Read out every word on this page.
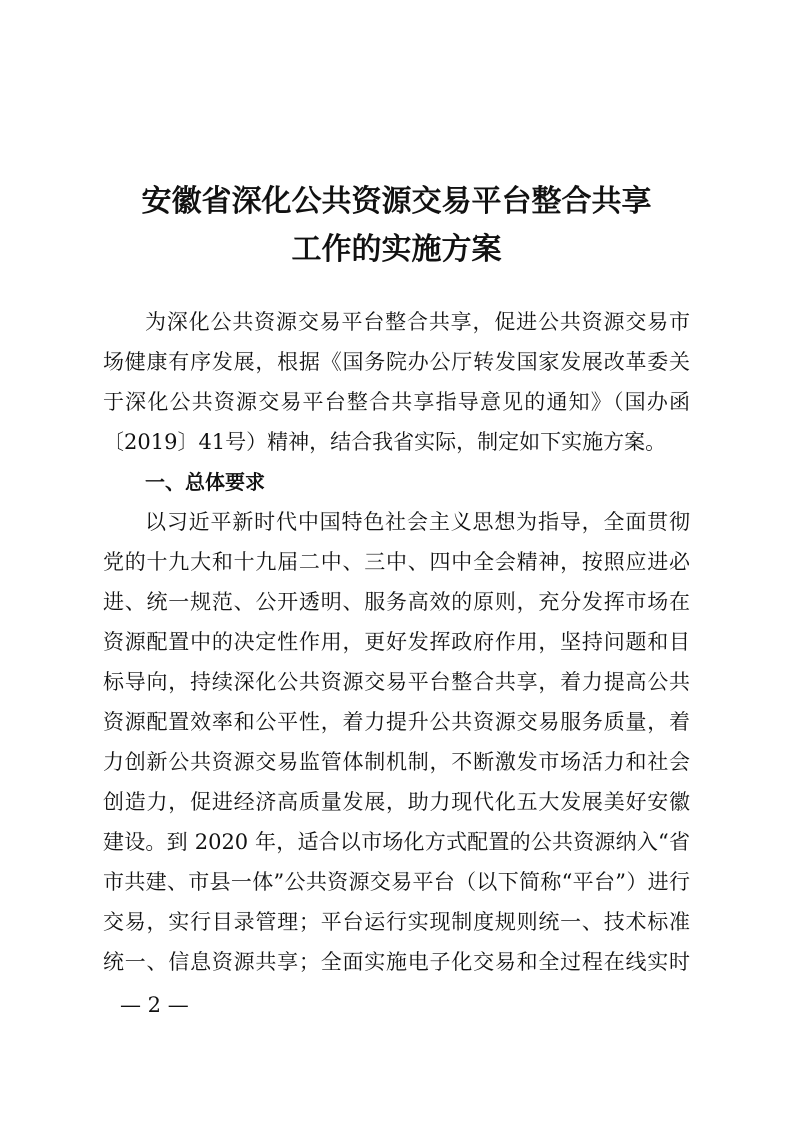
安徽省深化公共资源交易平台整合共享
工作的实施方案
为深化公共资源交易平台整合共享，促进公共资源交易市
场健康有序发展，根据《国务院办公厅转发国家发展改革委关
于深化公共资源交易平台整合共享指导意见的通知》（国办函
〔2019〕41号）精神，结合我省实际，制定如下实施方案。
一、总体要求
以习近平新时代中国特色社会主义思想为指导，全面贯彻
党的十九大和十九届二中、三中、四中全会精神，按照应进必
进、统一规范、公开透明、服务高效的原则，充分发挥市场在
资源配置中的决定性作用，更好发挥政府作用，坚持问题和目
标导向，持续深化公共资源交易平台整合共享，着力提高公共
资源配置效率和公平性，着力提升公共资源交易服务质量，着
力创新公共资源交易监管体制机制，不断激发市场活力和社会
创造力，促进经济高质量发展，助力现代化五大发展美好安徽
建设。到 2020 年，适合以市场化方式配置的公共资源纳入“省
市共建、市县一体”公共资源交易平台（以下简称“平台”）进行
交易，实行目录管理；平台运行实现制度规则统一、技术标准
统一、信息资源共享；全面实施电子化交易和全过程在线实时
— 2 —
